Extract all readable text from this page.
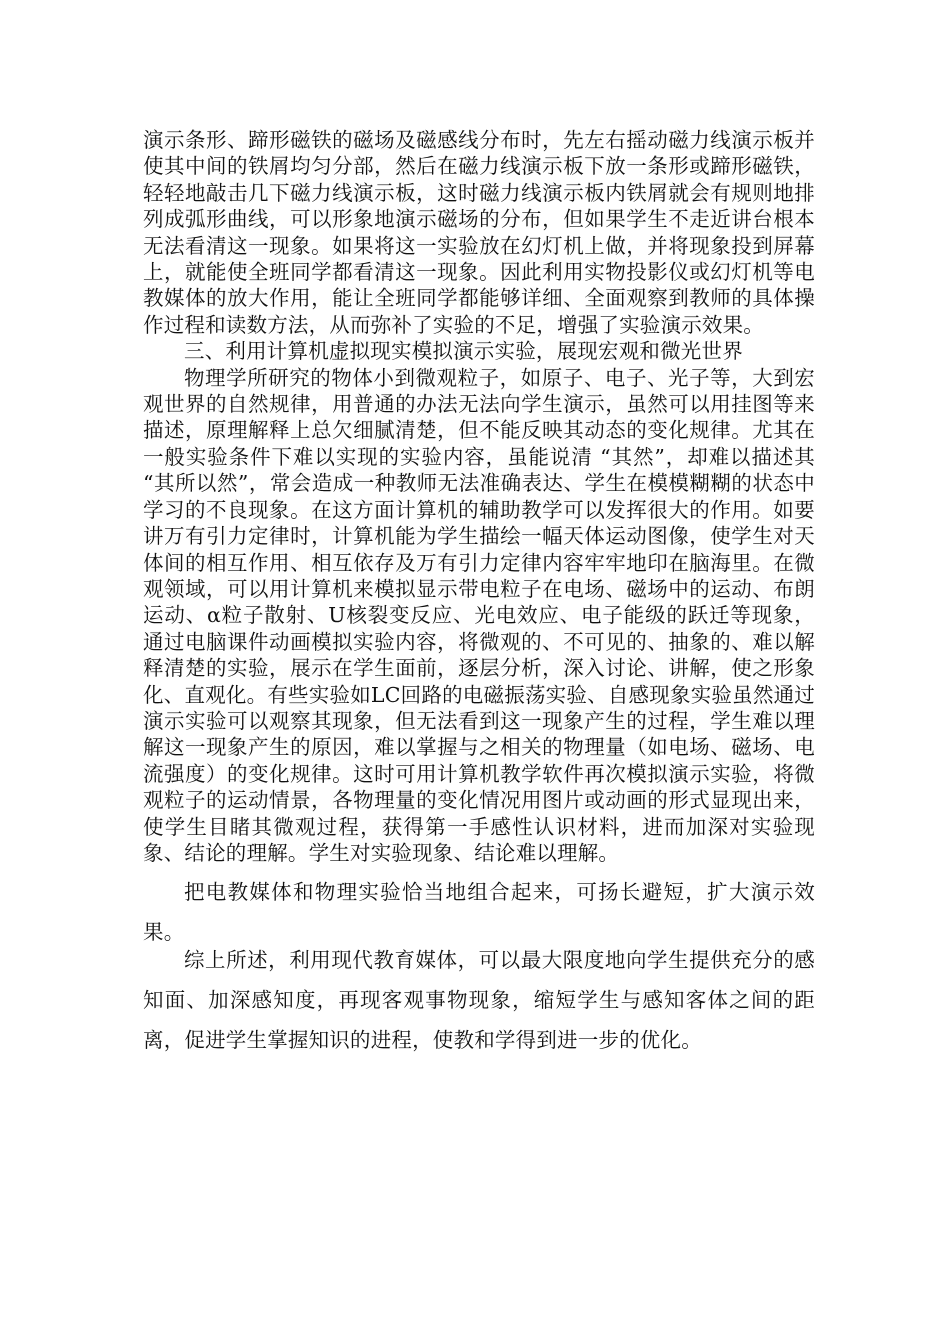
演示条形、蹄形磁铁的磁场及磁感线分布时，先左右摇动磁力线演示板并使其中间的铁屑均匀分部，然后在磁力线演示板下放一条形或蹄形磁铁，轻轻地敲击几下磁力线演示板，这时磁力线演示板内铁屑就会有规则地排列成弧形曲线，可以形象地演示磁场的分布，但如果学生不走近讲台根本无法看清这一现象。如果将这一实验放在幻灯机上做，并将现象投到屏幕上，就能使全班同学都看清这一现象。因此利用实物投影仪或幻灯机等电教媒体的放大作用，能让全班同学都能够详细、全面观察到教师的具体操作过程和读数方法，从而弥补了实验的不足，增强了实验演示效果。

三、利用计算机虚拟现实模拟演示实验，展现宏观和微光世界

物理学所研究的物体小到微观粒子，如原子、电子、光子等，大到宏观世界的自然规律，用普通的办法无法向学生演示，虽然可以用挂图等来描述，原理解释上总欠细腻清楚，但不能反映其动态的变化规律。尤其在一般实验条件下难以实现的实验内容，虽能说清 “其然”，却难以描述其 “其所以然”，常会造成一种教师无法准确表达、学生在模模糊糊的状态中学习的不良现象。在这方面计算机的辅助教学可以发挥很大的作用。如要讲万有引力定律时，计算机能为学生描绘一幅天体运动图像，使学生对天体间的相互作用、相互依存及万有引力定律内容牢牢地印在脑海里。在微观领域，可以用计算机来模拟显示带电粒子在电场、磁场中的运动、布朗运动、α粒子散射、U核裂变反应、光电效应、电子能级的跃迁等现象，通过电脑课件动画模拟实验内容，将微观的、不可见的、抽象的、难以解释清楚的实验，展示在学生面前，逐层分析，深入讨论、讲解，使之形象化、直观化。有些实验如LC回路的电磁振荡实验、自感现象实验虽然通过演示实验可以观察其现象，但无法看到这一现象产生的过程，学生难以理解这一现象产生的原因，难以掌握与之相关的物理量（如电场、磁场、电流强度）的变化规律。这时可用计算机教学软件再次模拟演示实验，将微观粒子的运动情景，各物理量的变化情况用图片或动画的形式显现出来，使学生目睹其微观过程，获得第一手感性认识材料，进而加深对实验现象、结论的理解。学生对实验现象、结论难以理解。

把电教媒体和物理实验恰当地组合起来，可扬长避短，扩大演示效果。

综上所述，利用现代教育媒体，可以最大限度地向学生提供充分的感知面、加深感知度，再现客观事物现象，缩短学生与感知客体之间的距离，促进学生掌握知识的进程，使教和学得到进一步的优化。
